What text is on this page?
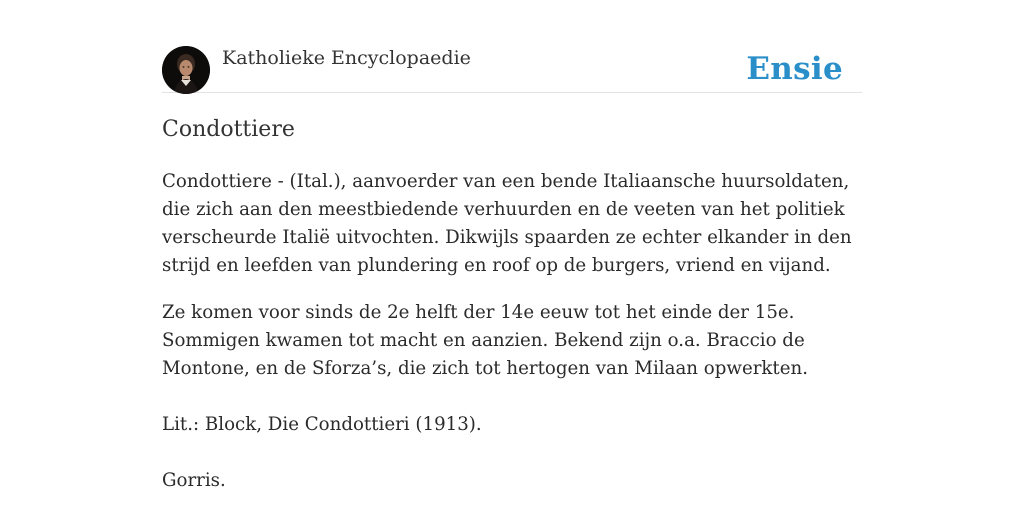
Katholieke Encyclopaedie	Ensie
Condottiere

Condottiere - (Ital.), aanvoerder van een bende Italiaansche huursoldaten, die zich aan den meestbiedende verhuurden en de veeten van het politiek verscheurde Italië uitvochten. Dikwijls spaarden ze echter elkander in den strijd en leefden van plundering en roof op de burgers, vriend en vijand.

Ze komen voor sinds de 2e helft der 14e eeuw tot het einde der 15e. Sommigen kwamen tot macht en aanzien. Bekend zijn o.a. Braccio de Montone, en de Sforza’s, die zich tot hertogen van Milaan opwerkten.

Lit.: Block, Die Condottieri (1913).

Gorris.
